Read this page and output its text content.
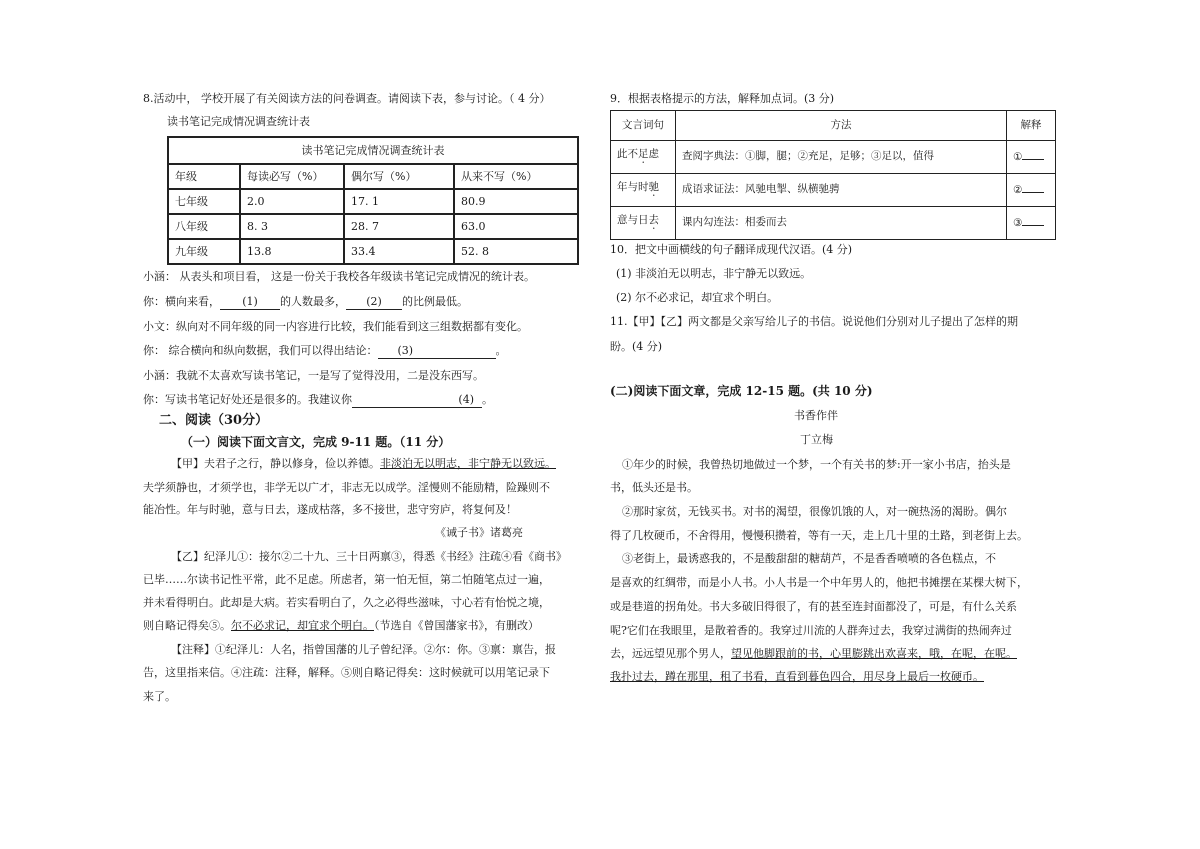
8.活动中， 学校开展了有关阅读方法的问卷调查。请阅读下表，参与讨论。（ 4 分）
读书笔记完成情况调查统计表
读书笔记完成情况调查统计表			
年级	每读必写（%）	偶尔写（%）	从来不写（%）
七年级	2.0	17. 1	80.9
八年级	8. 3	28. 7	63.0
九年级	13.8	33.4	52. 8
小涵： 从表头和项目看， 这是一份关于我校各年级读书笔记完成情况的统计表。
你：横向来看， (1) 的人数最多， (2) 的比例最低。
小文：纵向对不同年级的同一内容进行比较，我们能看到这三组数据都有变化。
你： 综合横向和纵向数据，我们可以得出结论： (3)	。
小涵：我就不太喜欢写读书笔记，一是写了觉得没用，二是没东西写。
你：写读书笔记好处还是很多的。我建议你	(4) 。
二、阅读（30分）
（一）阅读下面文言文，完成 9-11 题。（11 分）
【甲】夫君子之行，静以修身，俭以养德。非淡泊无以明志，非宁静无以致远。
夫学须静也，才须学也，非学无以广才，非志无以成学。淫慢则不能励精，险躁则不
能冶性。年与时驰，意与日去，遂成枯落，多不接世，悲守穷庐，将复何及！
《诫子书》诸葛亮
【乙】纪泽儿①：接尔②二十九、三十日两禀③，得悉《书经》注疏④看《商书》
已毕……尔读书记性平常，此不足虑。所虑者，第一怕无恒，第二怕随笔点过一遍，
并未看得明白。此却是大病。若实看明白了，久之必得些滋味，寸心若有怡悦之境，
则自略记得矣⑤。尔不必求记，却宜求个明白。（节选自《曾国藩家书》，有删改）
【注释】①纪泽儿：人名，指曾国藩的儿子曾纪泽。②尔：你。③禀：禀告，报
告，这里指来信。④注疏：注释，解释。⑤则自略记得矣：这时候就可以用笔记录下
来了。
9．根据表格提示的方法，解释加点词。(3 分)
文言词句	方法	解释
此不足虑	查阅字典法：①脚，腿；②充足，足够；③足以，值得	①
年与时驰	成语求证法：风驰电掣、纵横驰骋	②
意与日去	课内勾连法：相委而去	③
10．把文中画横线的句子翻译成现代汉语。(4 分)
(1) 非淡泊无以明志，非宁静无以致远。
(2) 尔不必求记，却宜求个明白。
11.【甲】【乙】两文都是父亲写给儿子的书信。说说他们分别对儿子提出了怎样的期
盼。(4 分)
(二)阅读下面文章，完成 12-15 题。(共 10 分)
书香作伴
丁立梅
①年少的时候，我曾热切地做过一个梦，一个有关书的梦:开一家小书店，抬头是
书，低头还是书。
②那时家贫，无钱买书。对书的渴望，很像饥饿的人，对一碗热汤的渴盼。偶尔
得了几枚硬币，不舍得用，慢慢积攒着，等有一天，走上几十里的土路，到老街上去。
③老街上，最诱惑我的，不是酸甜甜的糖葫芦，不是香香喷喷的各色糕点，不
是喜欢的红绸带，而是小人书。小人书是一个中年男人的，他把书摊摆在某棵大树下，
或是巷道的拐角处。书大多破旧得很了，有的甚至连封面都没了，可是，有什么关系
呢?它们在我眼里，是散着香的。我穿过川流的人群奔过去，我穿过满街的热闹奔过
去，远远望见那个男人，望见他脚跟前的书，心里膨跳出欢喜来，哦，在呢，在呢。
我扑过去，蹲在那里，租了书看，直看到暮色四合，用尽身上最后一枚硬币。
